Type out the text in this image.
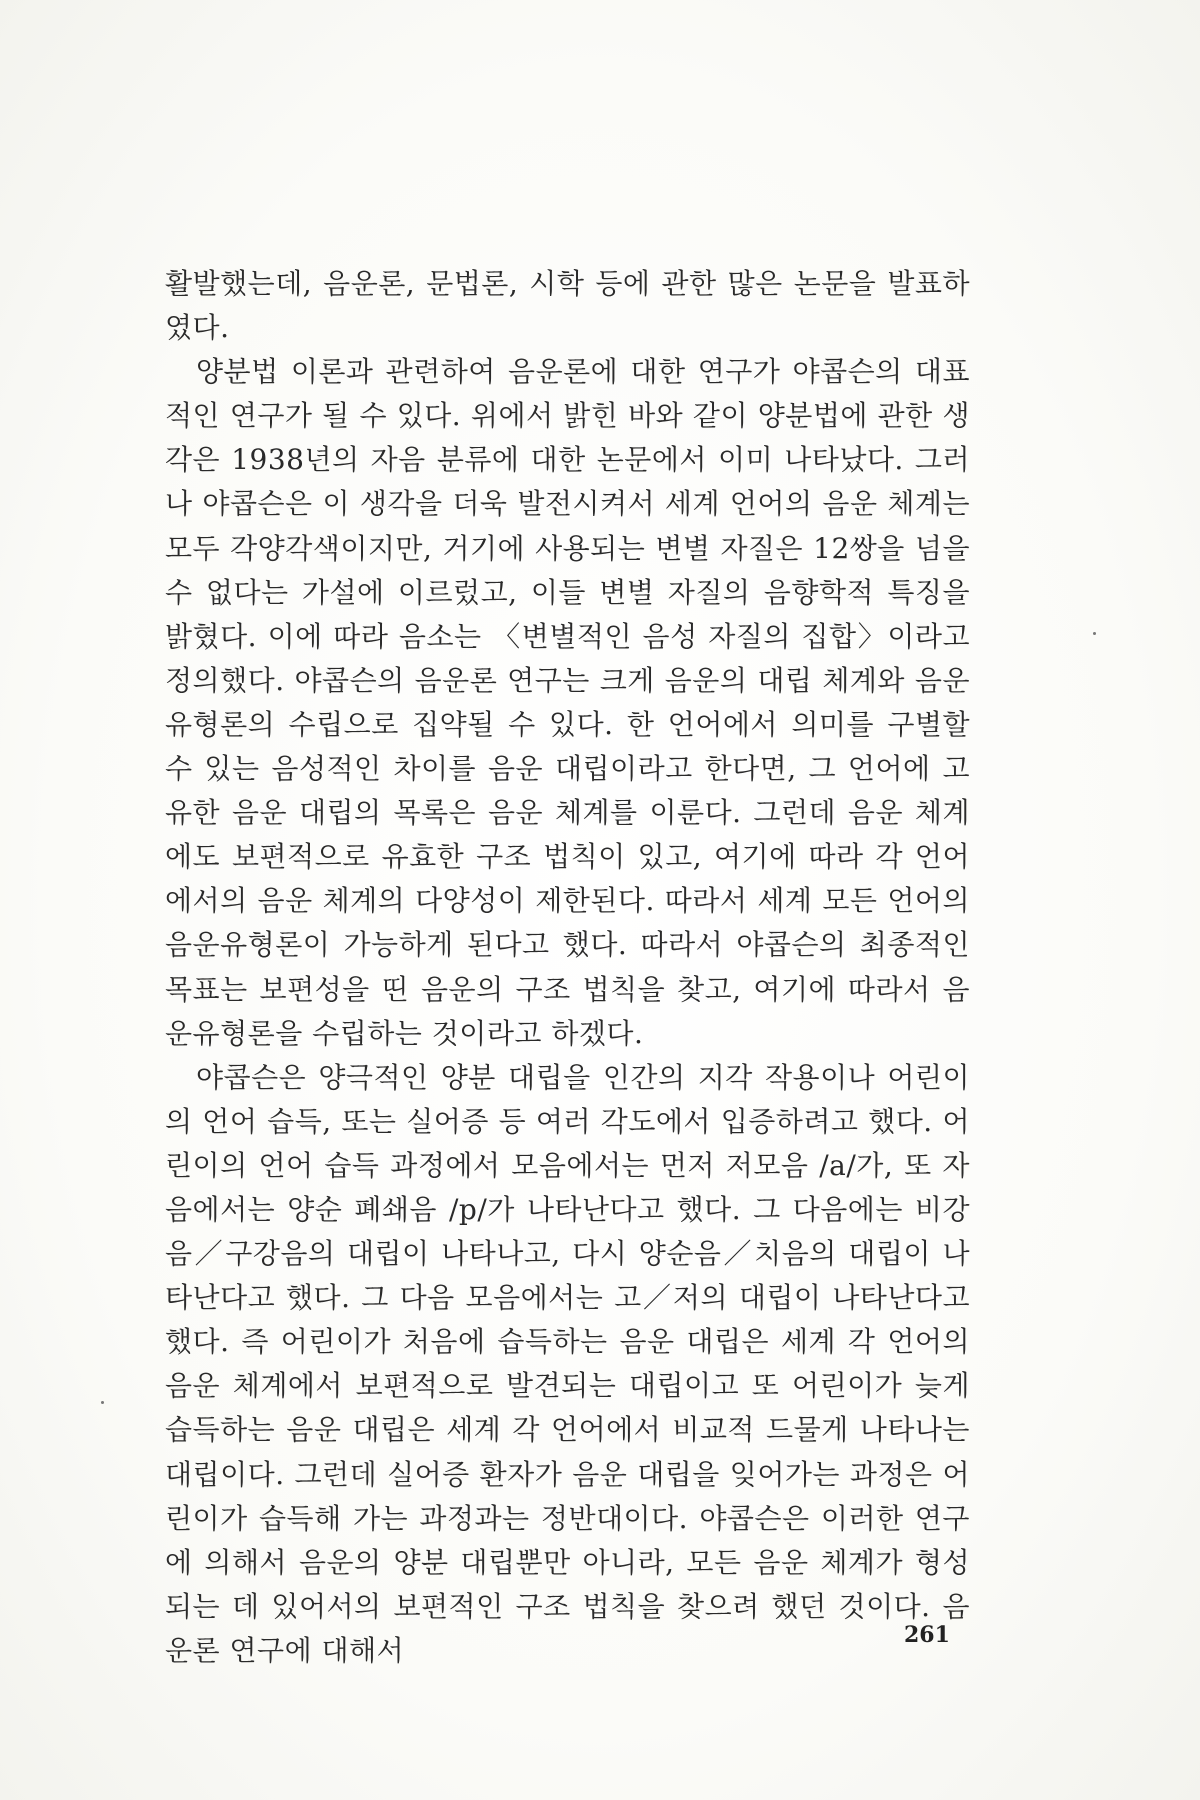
활발했는데, 음운론, 문법론, 시학 등에 관한 많은 논문을 발표하였다.

양분법 이론과 관련하여 음운론에 대한 연구가 야콥슨의 대표적인 연구가 될 수 있다. 위에서 밝힌 바와 같이 양분법에 관한 생각은 1938년의 자음 분류에 대한 논문에서 이미 나타났다. 그러나 야콥슨은 이 생각을 더욱 발전시켜서 세계 언어의 음운 체계는 모두 각양각색이지만, 거기에 사용되는 변별 자질은 12쌍을 넘을 수 없다는 가설에 이르렀고, 이들 변별 자질의 음향학적 특징을 밝혔다. 이에 따라 음소는 〈변별적인 음성 자질의 집합〉이라고 정의했다. 야콥슨의 음운론 연구는 크게 음운의 대립 체계와 음운유형론의 수립으로 집약될 수 있다. 한 언어에서 의미를 구별할 수 있는 음성적인 차이를 음운 대립이라고 한다면, 그 언어에 고유한 음운 대립의 목록은 음운 체계를 이룬다. 그런데 음운 체계에도 보편적으로 유효한 구조 법칙이 있고, 여기에 따라 각 언어에서의 음운 체계의 다양성이 제한된다. 따라서 세계 모든 언어의 음운유형론이 가능하게 된다고 했다. 따라서 야콥슨의 최종적인 목표는 보편성을 띤 음운의 구조 법칙을 찾고, 여기에 따라서 음운유형론을 수립하는 것이라고 하겠다.

야콥슨은 양극적인 양분 대립을 인간의 지각 작용이나 어린이의 언어 습득, 또는 실어증 등 여러 각도에서 입증하려고 했다. 어린이의 언어 습득 과정에서 모음에서는 먼저 저모음 /a/가, 또 자음에서는 양순 폐쇄음 /p/가 나타난다고 했다. 그 다음에는 비강음／구강음의 대립이 나타나고, 다시 양순음／치음의 대립이 나타난다고 했다. 그 다음 모음에서는 고／저의 대립이 나타난다고 했다. 즉 어린이가 처음에 습득하는 음운 대립은 세계 각 언어의 음운 체계에서 보편적으로 발견되는 대립이고 또 어린이가 늦게 습득하는 음운 대립은 세계 각 언어에서 비교적 드물게 나타나는 대립이다. 그런데 실어증 환자가 음운 대립을 잊어가는 과정은 어린이가 습득해 가는 과정과는 정반대이다. 야콥슨은 이러한 연구에 의해서 음운의 양분 대립뿐만 아니라, 모든 음운 체계가 형성되는 데 있어서의 보편적인 구조 법칙을 찾으려 했던 것이다. 음운론 연구에 대해서	261
